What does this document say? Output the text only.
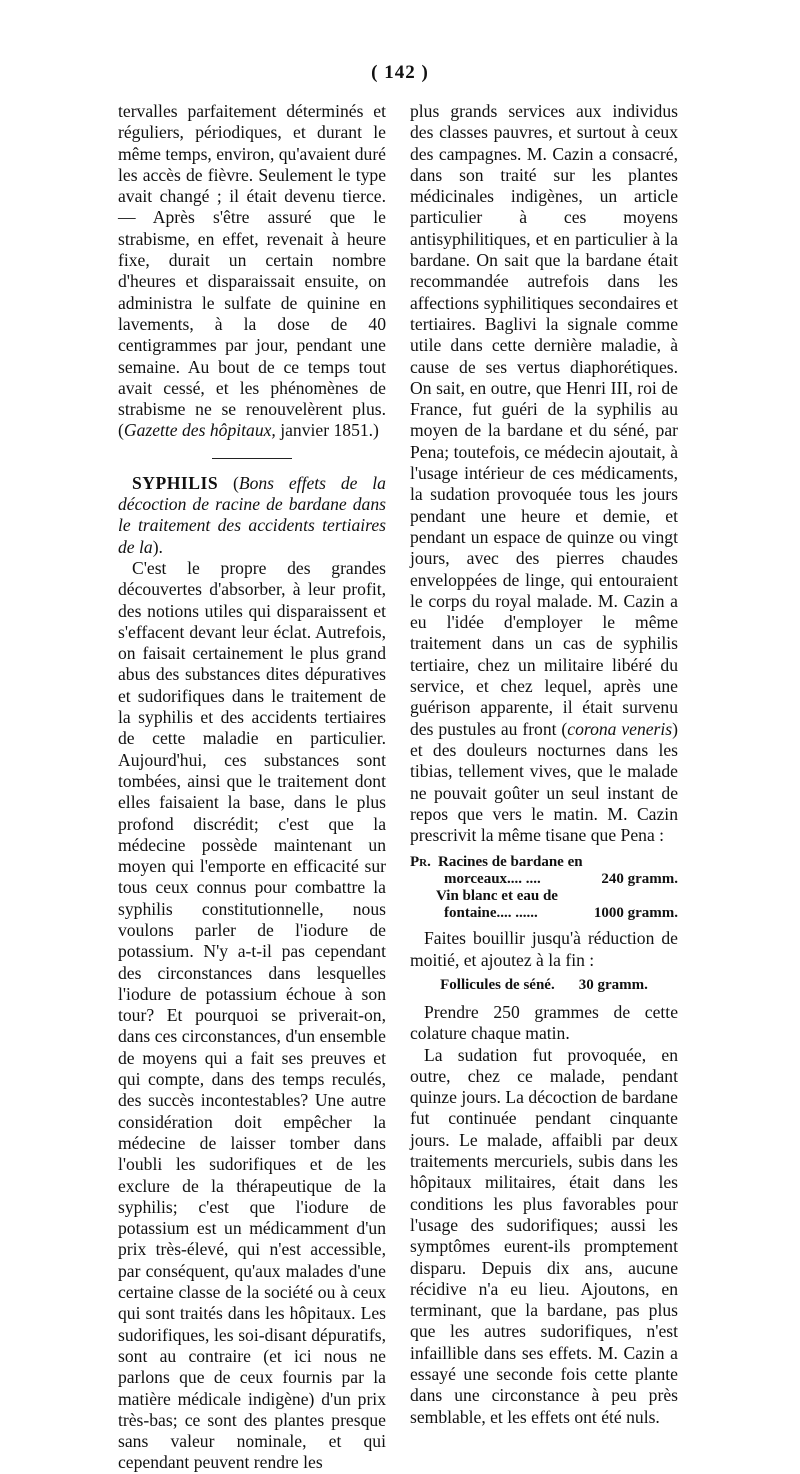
( 142 )

tervalles parfaitement déterminés et réguliers, périodiques, et durant le même temps, environ, qu'avaient duré les accès de fièvre. Seulement le type avait changé ; il était devenu tierce. — Après s'être assuré que le strabisme, en effet, revenait à heure fixe, durait un certain nombre d'heures et disparaissait ensuite, on administra le sulfate de quinine en lavements, à la dose de 40 centigrammes par jour, pendant une semaine. Au bout de ce temps tout avait cessé, et les phénomènes de strabisme ne se renouvelèrent plus. (Gazette des hôpitaux, janvier 1851.)

SYPHILIS (Bons effets de la décoction de racine de bardane dans le traitement des accidents tertiaires de la).

C'est le propre des grandes découvertes d'absorber, à leur profit, des notions utiles qui disparaissent et s'effacent devant leur éclat. Autrefois, on faisait certainement le plus grand abus des substances dites dépuratives et sudorifiques dans le traitement de la syphilis et des accidents tertiaires de cette maladie en particulier. Aujourd'hui, ces substances sont tombées, ainsi que le traitement dont elles faisaient la base, dans le plus profond discrédit; c'est que la médecine possède maintenant un moyen qui l'emporte en efficacité sur tous ceux connus pour combattre la syphilis constitutionnelle, nous voulons parler de l'iodure de potassium. N'y a-t-il pas cependant des circonstances dans lesquelles l'iodure de potassium échoue à son tour? Et pourquoi se priverait-on, dans ces circonstances, d'un ensemble de moyens qui a fait ses preuves et qui compte, dans des temps reculés, des succès incontestables? Une autre considération doit empêcher la médecine de laisser tomber dans l'oubli les sudorifiques et de les exclure de la thérapeutique de la syphilis; c'est que l'iodure de potassium est un médicamment d'un prix très-élevé, qui n'est accessible, par conséquent, qu'aux malades d'une certaine classe de la société ou à ceux qui sont traités dans les hôpitaux. Les sudorifiques, les soi-disant dépuratifs, sont au contraire (et ici nous ne parlons que de ceux fournis par la matière médicale indigène) d'un prix très-bas; ce sont des plantes presque sans valeur nominale, et qui cependant peuvent rendre les

plus grands services aux individus des classes pauvres, et surtout à ceux des campagnes. M. Cazin a consacré, dans son traité sur les plantes médicinales indigènes, un article particulier à ces moyens antisyphilitiques, et en particulier à la bardane. On sait que la bardane était recommandée autrefois dans les affections syphilitiques secondaires et tertiaires. Baglivi la signale comme utile dans cette dernière maladie, à cause de ses vertus diaphorétiques. On sait, en outre, que Henri III, roi de France, fut guéri de la syphilis au moyen de la bardane et du séné, par Pena; toutefois, ce médecin ajoutait, à l'usage intérieur de ces médicaments, la sudation provoquée tous les jours pendant une heure et demie, et pendant un espace de quinze ou vingt jours, avec des pierres chaudes enveloppées de linge, qui entouraient le corps du royal malade. M. Cazin a eu l'idée d'employer le même traitement dans un cas de syphilis tertiaire, chez un militaire libéré du service, et chez lequel, après une guérison apparente, il était survenu des pustules au front (corona veneris) et des douleurs nocturnes dans les tibias, tellement vives, que le malade ne pouvait goûter un seul instant de repos que vers le matin. M. Cazin prescrivit la même tisane que Pena :

Pr. Racines de bardane en
morceaux.... ....	240 gramm.
Vin blanc et eau de
fontaine.... ......	1000 gramm.

Faites bouillir jusqu'à réduction de moitié, et ajoutez à la fin :

Follicules de séné. 30 gramm.

Prendre 250 grammes de cette colature chaque matin.

La sudation fut provoquée, en outre, chez ce malade, pendant quinze jours. La décoction de bardane fut continuée pendant cinquante jours. Le malade, affaibli par deux traitements mercuriels, subis dans les hôpitaux militaires, était dans les conditions les plus favorables pour l'usage des sudorifiques; aussi les symptômes eurent-ils promptement disparu. Depuis dix ans, aucune récidive n'a eu lieu. Ajoutons, en terminant, que la bardane, pas plus que les autres sudorifiques, n'est infaillible dans ses effets. M. Cazin a essayé une seconde fois cette plante dans une circonstance à peu près semblable, et les effets ont été nuls.
